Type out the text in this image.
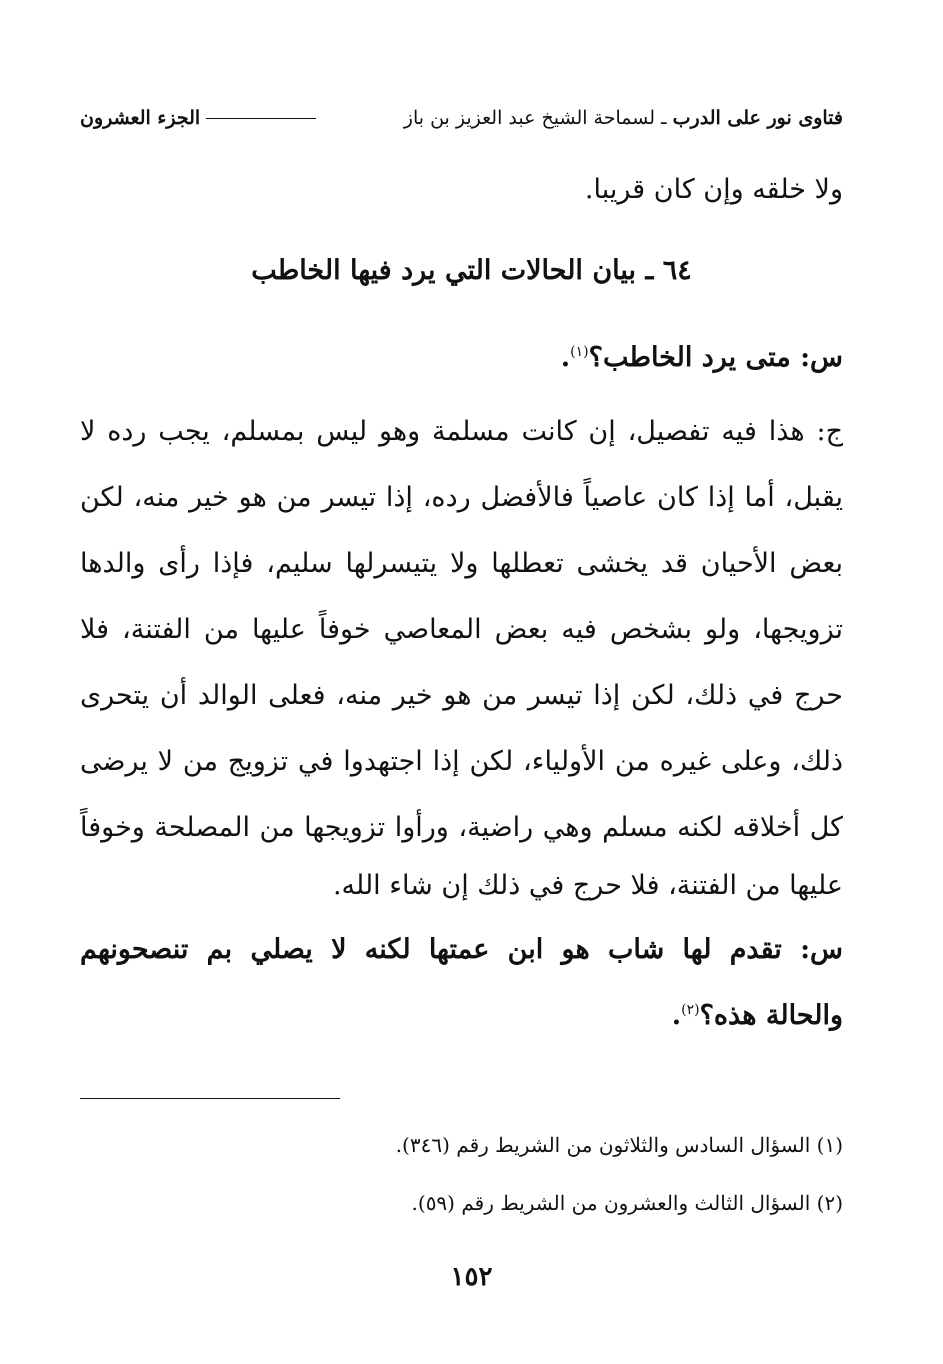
فتاوى نور على الدرب ـ لسماحة الشيخ عبد العزيز بن باز
الجزء العشرون
ولا خلقه وإن كان قريبا.
٦٤ ـ بيان الحالات التي يرد فيها الخاطب
س: متى يرد الخاطب؟$^{(١)}$.
ج: هذا فيه تفصيل، إن كانت مسلمة وهو ليس بمسلم، يجب رده لا
يقبل، أما إذا كان عاصياً فالأفضل رده، إذا تيسر من هو خير منه، لكن
بعض الأحيان قد يخشى تعطلها ولا يتيسرلها سليم، فإذا رأى والدها
تزويجها، ولو بشخص فيه بعض المعاصي خوفاً عليها من الفتنة، فلا
حرج في ذلك، لكن إذا تيسر من هو خير منه، فعلى الوالد أن يتحرى
ذلك، وعلى غيره من الأولياء، لكن إذا اجتهدوا في تزويج من لا يرضى
كل أخلاقه لكنه مسلم وهي راضية، ورأوا تزويجها من المصلحة وخوفاً
عليها من الفتنة، فلا حرج في ذلك إن شاء الله.
س: تقدم لها شاب هو ابن عمتها لكنه لا يصلي بم تنصحونهم
والحالة هذه؟$^{(٢)}$.
(١) السؤال السادس والثلاثون من الشريط رقم (٣٤٦).
(٢) السؤال الثالث والعشرون من الشريط رقم (٥٩).
١٥٢
